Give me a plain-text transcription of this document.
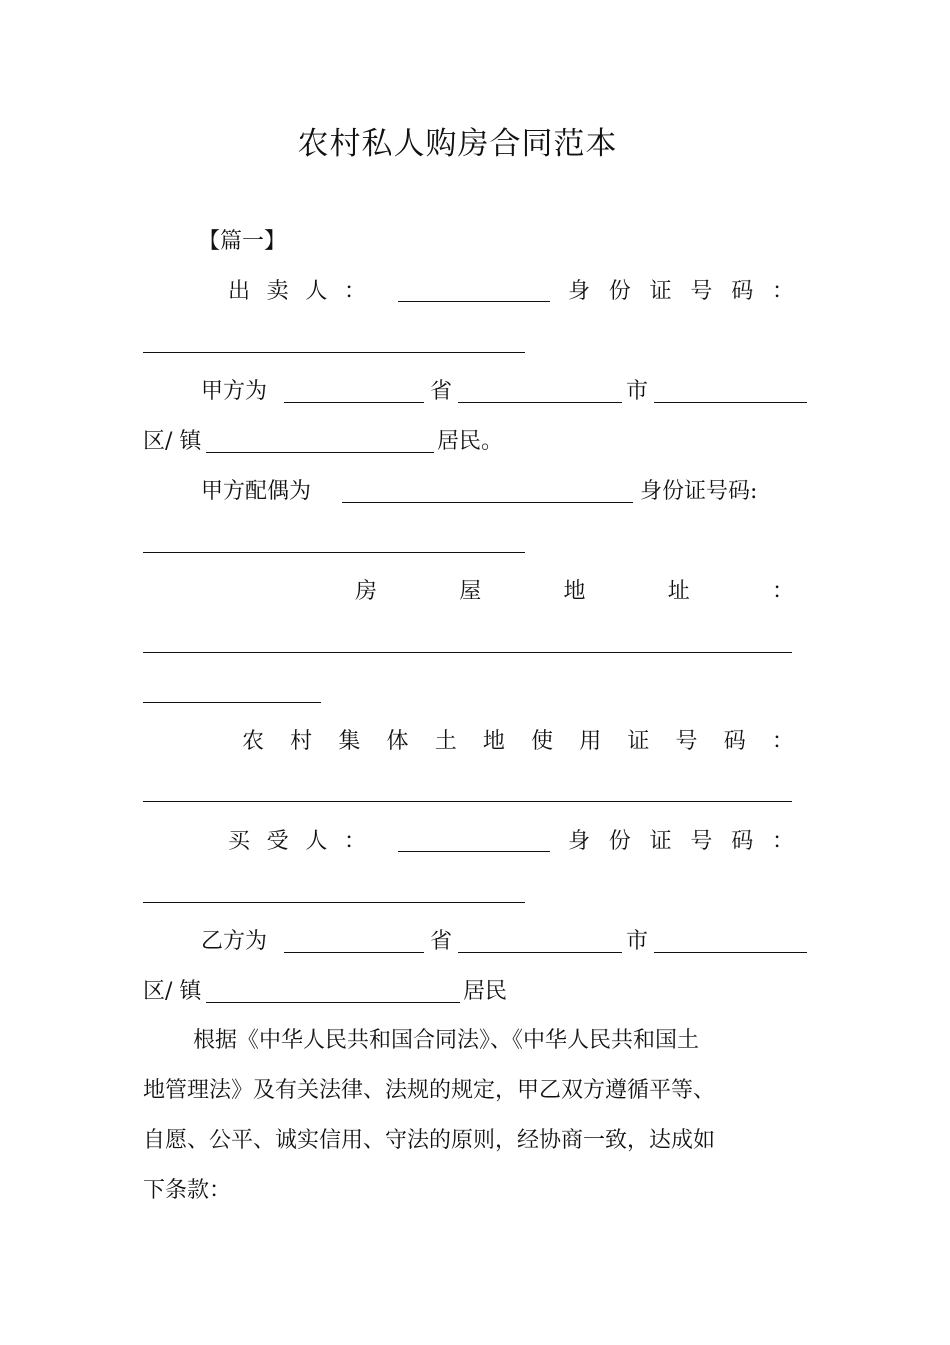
农村私人购房合同范本
【篇一】
出 卖 人 ：	身 份 证 号 码 ：
甲方为	省	市
区/ 镇	居民。
甲方配偶为	身份证号码:
房	屋	地	址	：
农 村 集 体 土 地 使 用 证 号 码 ：
买 受 人 ：	身 份 证 号 码 ：
乙方为	省	市
区/ 镇	居民
根据《中华人民共和国合同法》、《中华人民共和国土
地管理法》及有关法律、法规的规定，甲乙双方遵循平等、
自愿、公平、诚实信用、守法的原则，经协商一致，达成如
下条款：
